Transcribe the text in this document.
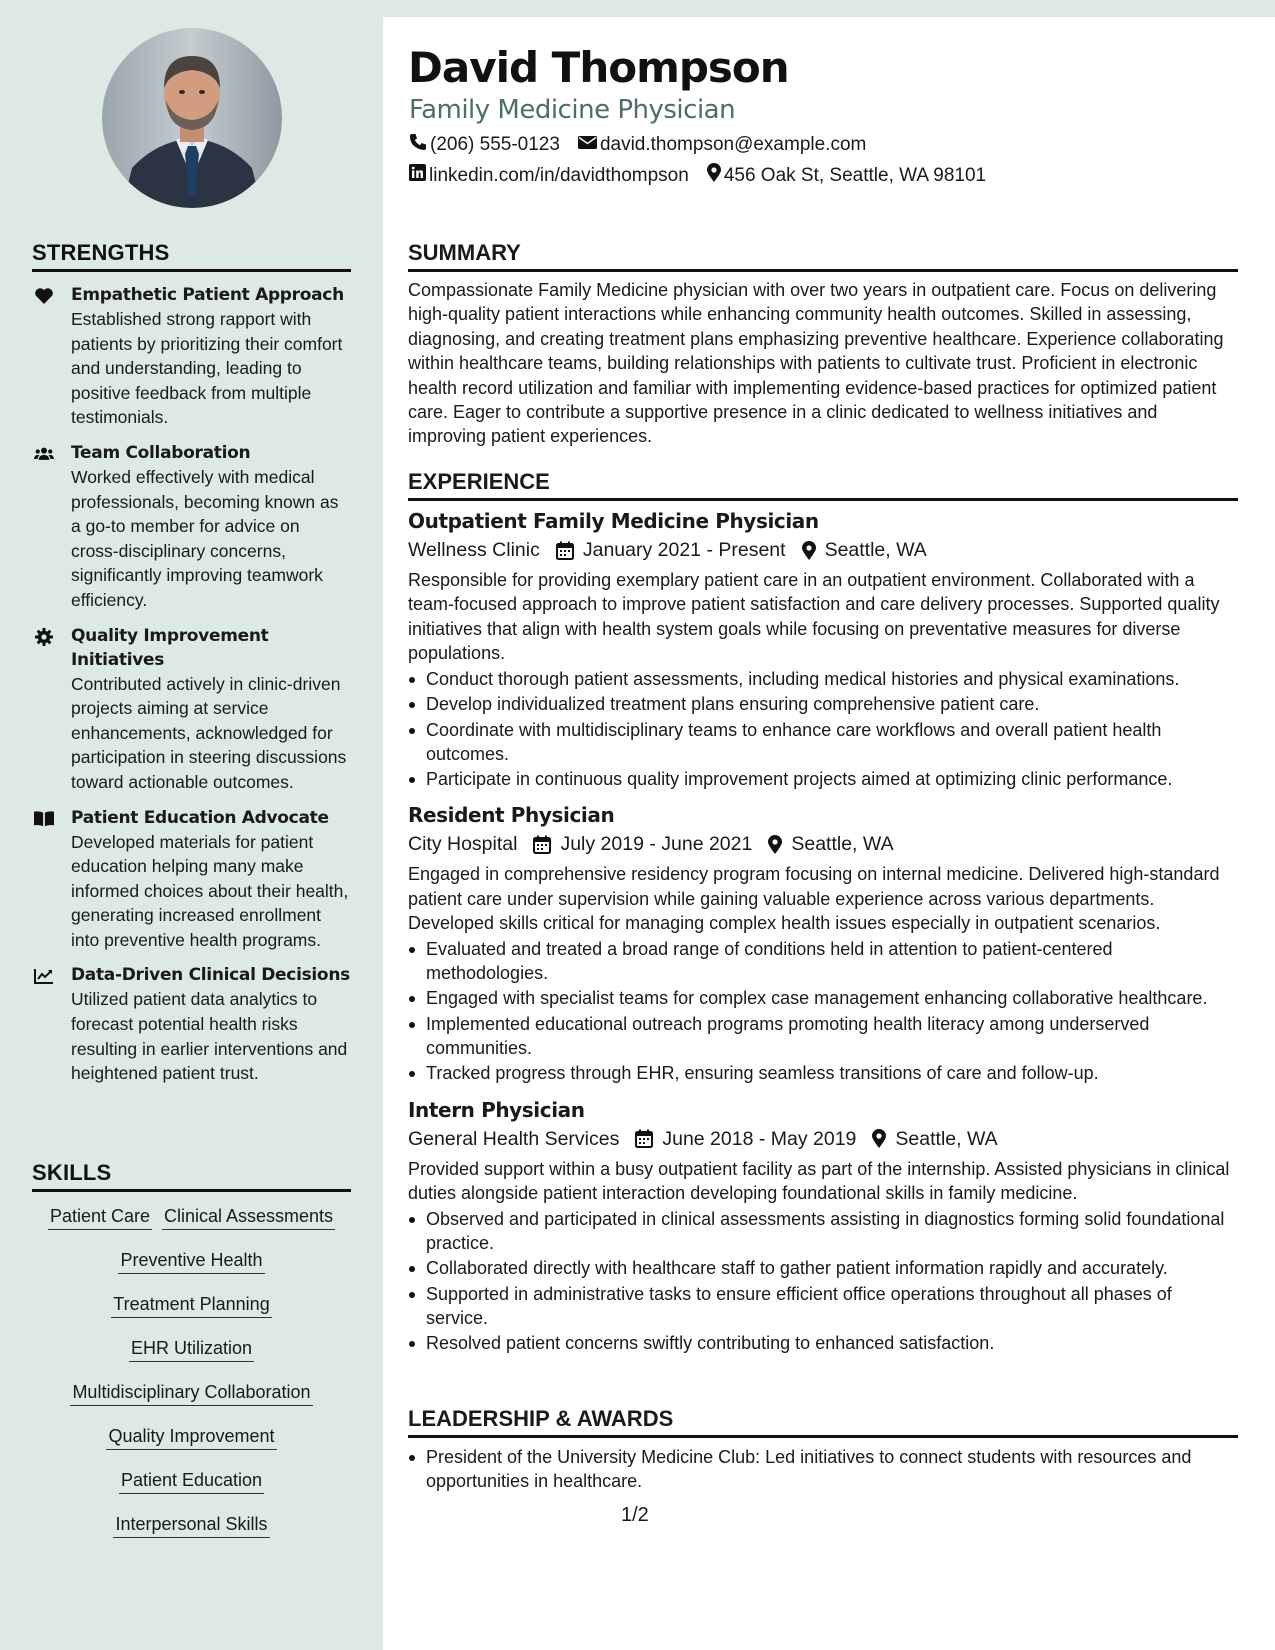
STRENGTHS
Empathetic Patient Approach
Established strong rapport with patients by prioritizing their comfort and understanding, leading to positive feedback from multiple testimonials.
Team Collaboration
Worked effectively with medical professionals, becoming known as a go-to member for advice on cross-disciplinary concerns, significantly improving teamwork efficiency.
Quality Improvement Initiatives
Contributed actively in clinic-driven projects aiming at service enhancements, acknowledged for participation in steering discussions toward actionable outcomes.
Patient Education Advocate
Developed materials for patient education helping many make informed choices about their health, generating increased enrollment into preventive health programs.
Data-Driven Clinical Decisions
Utilized patient data analytics to forecast potential health risks resulting in earlier interventions and heightened patient trust.
SKILLS
Patient Care Clinical Assessments
Preventive Health
Treatment Planning
EHR Utilization
Multidisciplinary Collaboration
Quality Improvement
Patient Education
Interpersonal Skills
David Thompson
Family Medicine Physician
(206) 555-0123 david.thompson@example.com
linkedin.com/in/davidthompson 456 Oak St, Seattle, WA 98101
SUMMARY
Compassionate Family Medicine physician with over two years in outpatient care. Focus on delivering high-quality patient interactions while enhancing community health outcomes. Skilled in assessing, diagnosing, and creating treatment plans emphasizing preventive healthcare. Experience collaborating within healthcare teams, building relationships with patients to cultivate trust. Proficient in electronic health record utilization and familiar with implementing evidence-based practices for optimized patient care. Eager to contribute a supportive presence in a clinic dedicated to wellness initiatives and improving patient experiences.
EXPERIENCE
Outpatient Family Medicine Physician
Wellness Clinic January 2021 - Present Seattle, WA
Responsible for providing exemplary patient care in an outpatient environment. Collaborated with a team-focused approach to improve patient satisfaction and care delivery processes. Supported quality initiatives that align with health system goals while focusing on preventative measures for diverse populations.
Conduct thorough patient assessments, including medical histories and physical examinations.
Develop individualized treatment plans ensuring comprehensive patient care.
Coordinate with multidisciplinary teams to enhance care workflows and overall patient health outcomes.
Participate in continuous quality improvement projects aimed at optimizing clinic performance.
Resident Physician
City Hospital July 2019 - June 2021 Seattle, WA
Engaged in comprehensive residency program focusing on internal medicine. Delivered high-standard patient care under supervision while gaining valuable experience across various departments. Developed skills critical for managing complex health issues especially in outpatient scenarios.
Evaluated and treated a broad range of conditions held in attention to patient-centered methodologies.
Engaged with specialist teams for complex case management enhancing collaborative healthcare.
Implemented educational outreach programs promoting health literacy among underserved communities.
Tracked progress through EHR, ensuring seamless transitions of care and follow-up.
Intern Physician
General Health Services June 2018 - May 2019 Seattle, WA
Provided support within a busy outpatient facility as part of the internship. Assisted physicians in clinical duties alongside patient interaction developing foundational skills in family medicine.
Observed and participated in clinical assessments assisting in diagnostics forming solid foundational practice.
Collaborated directly with healthcare staff to gather patient information rapidly and accurately.
Supported in administrative tasks to ensure efficient office operations throughout all phases of service.
Resolved patient concerns swiftly contributing to enhanced satisfaction.
LEADERSHIP & AWARDS
President of the University Medicine Club: Led initiatives to connect students with resources and opportunities in healthcare.
1/2
